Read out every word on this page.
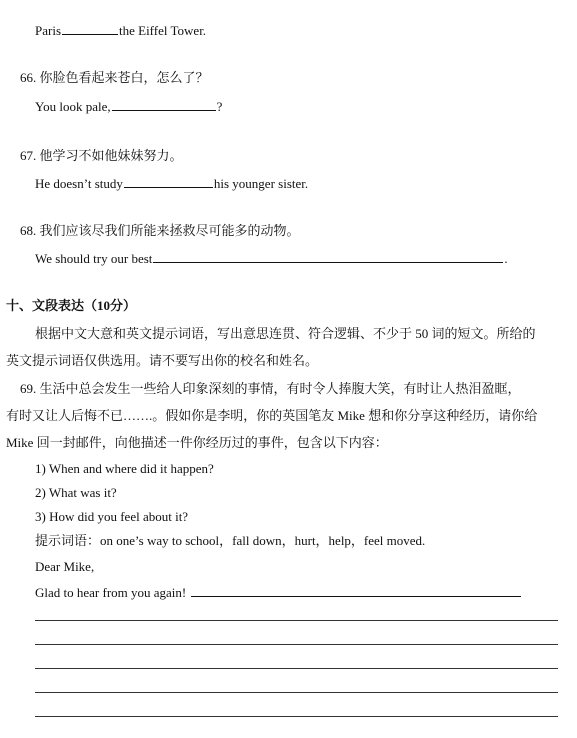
Paris	the Eiffel Tower.
66. 你脸色看起来苍白，怎么了？
You look pale,	?
67. 他学习不如他妹妹努力。
He doesn’t study	his younger sister.
68. 我们应该尽我们所能来拯救尽可能多的动物。
We should try our best	.
十、文段表达（10分）
根据中文大意和英文提示词语，写出意思连贯、符合逻辑、不少于 50 词的短文。所给的
英文提示词语仅供选用。请不要写出你的校名和姓名。
69. 生活中总会发生一些给人印象深刻的事情，有时令人捧腹大笑，有时让人热泪盈眶，
有时又让人后悔不已…….。假如你是李明，你的英国笔友 Mike 想和你分享这种经历，请你给
Mike 回一封邮件，向他描述一件你经历过的事件，包含以下内容：
1) When and where did it happen?
2) What was it?
3) How did you feel about it?
提示词语：on one’s way to school，fall down，hurt，help，feel moved.
Dear Mike,
Glad to hear from you again!
